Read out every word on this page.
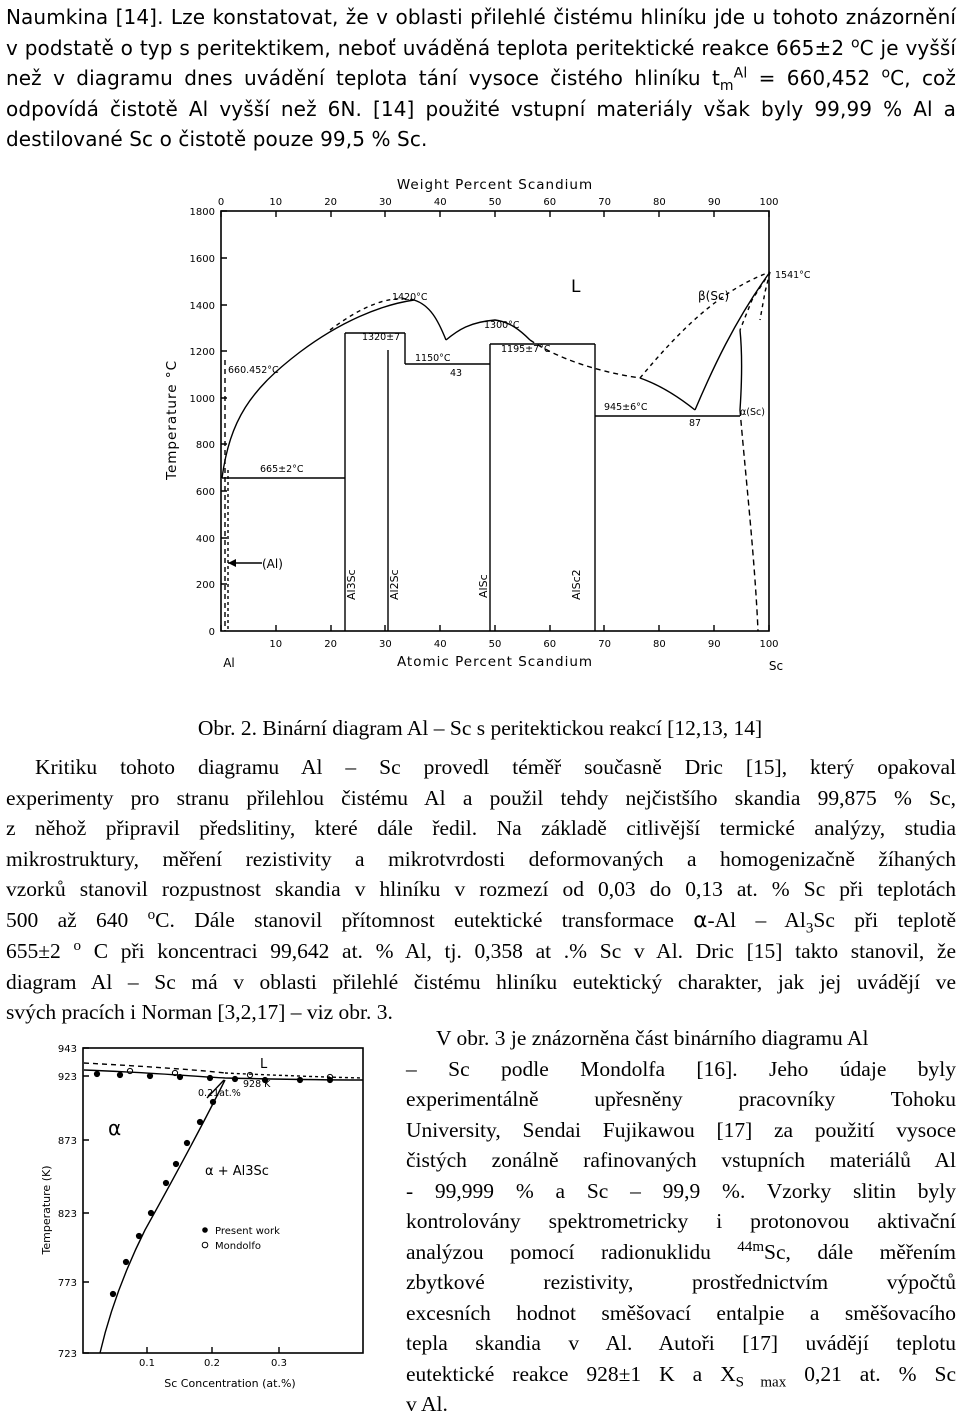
Naumkina [14]. Lze konstatovat, že v oblasti přilehlé čistému hliníku jde u tohoto znázornění
v podstatě o typ s peritektikem, neboť uváděná teplota peritektické reakce 665±2 $^o$C je vyšší
než v diagramu dnes uvádění teplota tání vysoce čistého hliníku $t_m^{Al} = 660,452$ $^o$C, což
odpovídá čistotě Al vyšší než 6N. [14] použité vstupní materiály však byly 99,99 % Al a
destilované Sc o čistotě pouze 99,5 % Sc.
Weight Percent Scandium
Atomic Percent Scandium
Temperature °C
Al	Sc
0	10	20	30	40	50	60	70	80	90	100
10	20	30	40	50	60	70	80	90	100
1800
1600
1400
1200
1000
800
600
400
200
0
L	β(Sc)
α(Sc)
(Al)
1541°C
1420°C
1320±7
1300°C
1195±7°C
1150°C
43
660.452°C
945±6°C
87
665±2°C
Al3Sc	Al2Sc	AlSc	AlSc2
Obr. 2. Binární diagram Al – Sc s peritektickou reakcí [12,13, 14]
Kritiku tohoto diagramu Al – Sc provedl téměř současně Dric [15], který opakoval
experimenty pro stranu přilehlou čistému Al a použil tehdy nejčistšího skandia 99,875 % Sc,
z něhož připravil předslitiny, které dále ředil. Na základě citlivější termické analýzy, studia
mikrostruktury, měření rezistivity a mikrotvrdosti deformovaných a homogenizačně žíhaných
vzorků stanovil rozpustnost skandia v hliníku v rozmezí od 0,03 do 0,13 at. % Sc při teplotách
500 až 640 $^o$C. Dále stanovil přítomnost eutektické transformace $\alpha-Al - Al_3Sc$ při teplotě
655±2 $^o$ C při koncentraci 99,642 at. % Al, tj. 0,358 at .% Sc v Al. Dric [15] takto stanovil, že
diagram Al – Sc má v oblasti přilehlé čistému hliníku eutektický charakter, jak jej uvádějí ve
svých pracích i Norman [3,2,17] – viz obr. 3.
943
923
873
823
773
723
0.1	0.2	0.3
Temperature (K)
Sc Concentration (at.%)
L
0.21at.%
928 K
α
α + Al3Sc
Present work
Mondolfo
V obr. 3 je znázorněna část binárního diagramu Al
– Sc podle Mondolfa [16]. Jeho údaje byly
experimentálně upřesněny pracovníky Tohoku
University, Sendai Fujikawou [17] za použití vysoce
čistých zonálně rafinovaných vstupních materiálů Al
- 99,999 % a Sc – 99,9 %. Vzorky slitin byly
kontrolovány spektrometricky i protonovou aktivační
analýzou pomocí radionuklidu $^{44m}$Sc, dále měřením
zbytkové rezistivity, prostřednictvím výpočtů
excesních hodnot směšovací entalpie a směšovacího
tepla skandia v Al. Autoři [17] uvádějí teplotu
eutektické reakce 928±1 K a $X_{S max}$ 0,21 at. % Sc
v Al.
